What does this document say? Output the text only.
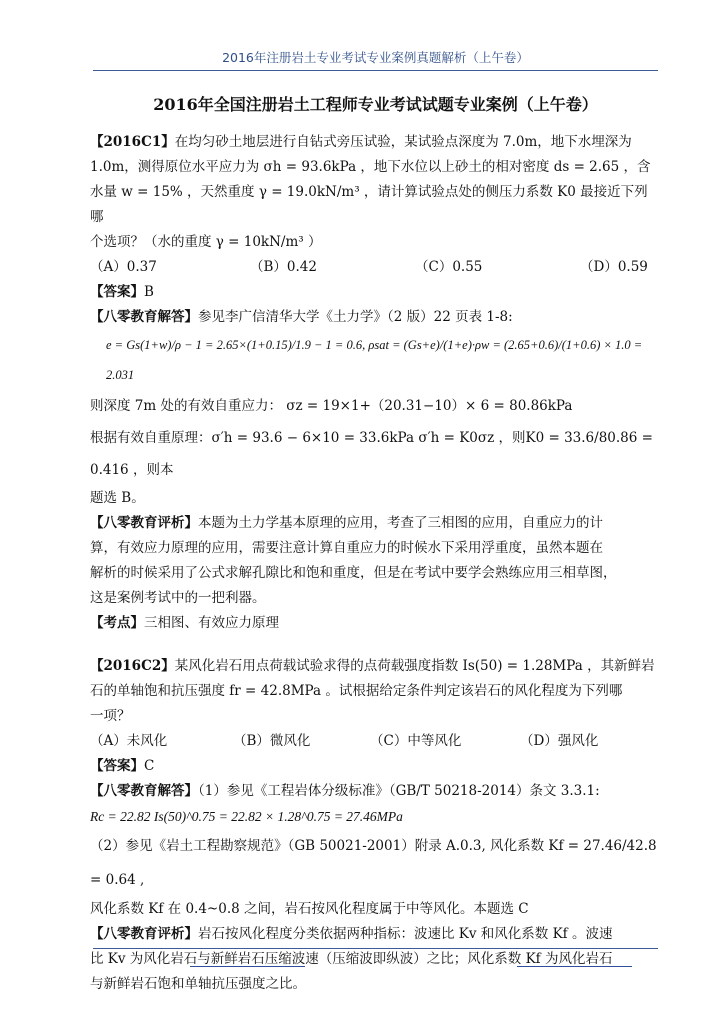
2016年注册岩土专业考试专业案例真题解析（上午卷）
2016年全国注册岩土工程师专业考试试题专业案例（上午卷）

【2016C1】在均匀砂土地层进行自钻式旁压试验，某试验点深度为 7.0m，地下水埋深为

1.0m，测得原位水平应力为 σh = 93.6kPa ，地下水位以上砂土的相对密度 ds = 2.65 ，含

水量 w = 15% ，天然重度 γ = 19.0kN/m³ ，请计算试验点处的侧压力系数 K0 最接近下列哪

个选项？（水的重度 γ = 10kN/m³ ）

（A）0.37	（B）0.42	（C）0.55	（D）0.59

【答案】B

【八零教育解答】参见李广信清华大学《土力学》（2 版）22 页表 1-8:

e = Gs(1+w)/ρ − 1 = 2.65×(1+0.15)/1.9 − 1 = 0.6, ρsat = (Gs+e)/(1+e)·ρw = (2.65+0.6)/(1+0.6) × 1.0 = 2.031

则深度 7m 处的有效自重应力： σz = 19×1+（20.31−10）× 6 = 80.86kPa

根据有效自重原理：σ′h = 93.6 − 6×10 = 33.6kPa σ′h = K0σz ，则K0 = 33.6/80.86 = 0.416 ，则本

题选 B。

【八零教育评析】本题为土力学基本原理的应用，考查了三相图的应用，自重应力的计

算，有效应力原理的应用，需要注意计算自重应力的时候水下采用浮重度，虽然本题在

解析的时候采用了公式求解孔隙比和饱和重度，但是在考试中要学会熟练应用三相草图，

这是案例考试中的一把利器。

【考点】三相图、有效应力原理

【2016C2】某风化岩石用点荷载试验求得的点荷载强度指数 Is(50) = 1.28MPa ，其新鲜岩

石的单轴饱和抗压强度 fr = 42.8MPa 。试根据给定条件判定该岩石的风化程度为下列哪

一项？

（A）未风化	（B）微风化	（C）中等风化	（D）强风化

【答案】C

【八零教育解答】（1）参见《工程岩体分级标准》（GB/T 50218-2014）条文 3.3.1:

Rc = 22.82 Is(50)^0.75 = 22.82 × 1.28^0.75 = 27.46MPa

（2）参见《岩土工程勘察规范》（GB 50021-2001）附录 A.0.3, 风化系数 Kf = 27.46/42.8 = 0.64 ,

风化系数 Kf 在 0.4~0.8 之间，岩石按风化程度属于中等风化。本题选 C

【八零教育评析】岩石按风化程度分类依据两种指标：波速比 Kv 和风化系数 Kf 。波速

比 Kv 为风化岩石与新鲜岩石压缩波速（压缩波即纵波）之比；风化系数 Kf 为风化岩石

与新鲜岩石饱和单轴抗压强度之比。
